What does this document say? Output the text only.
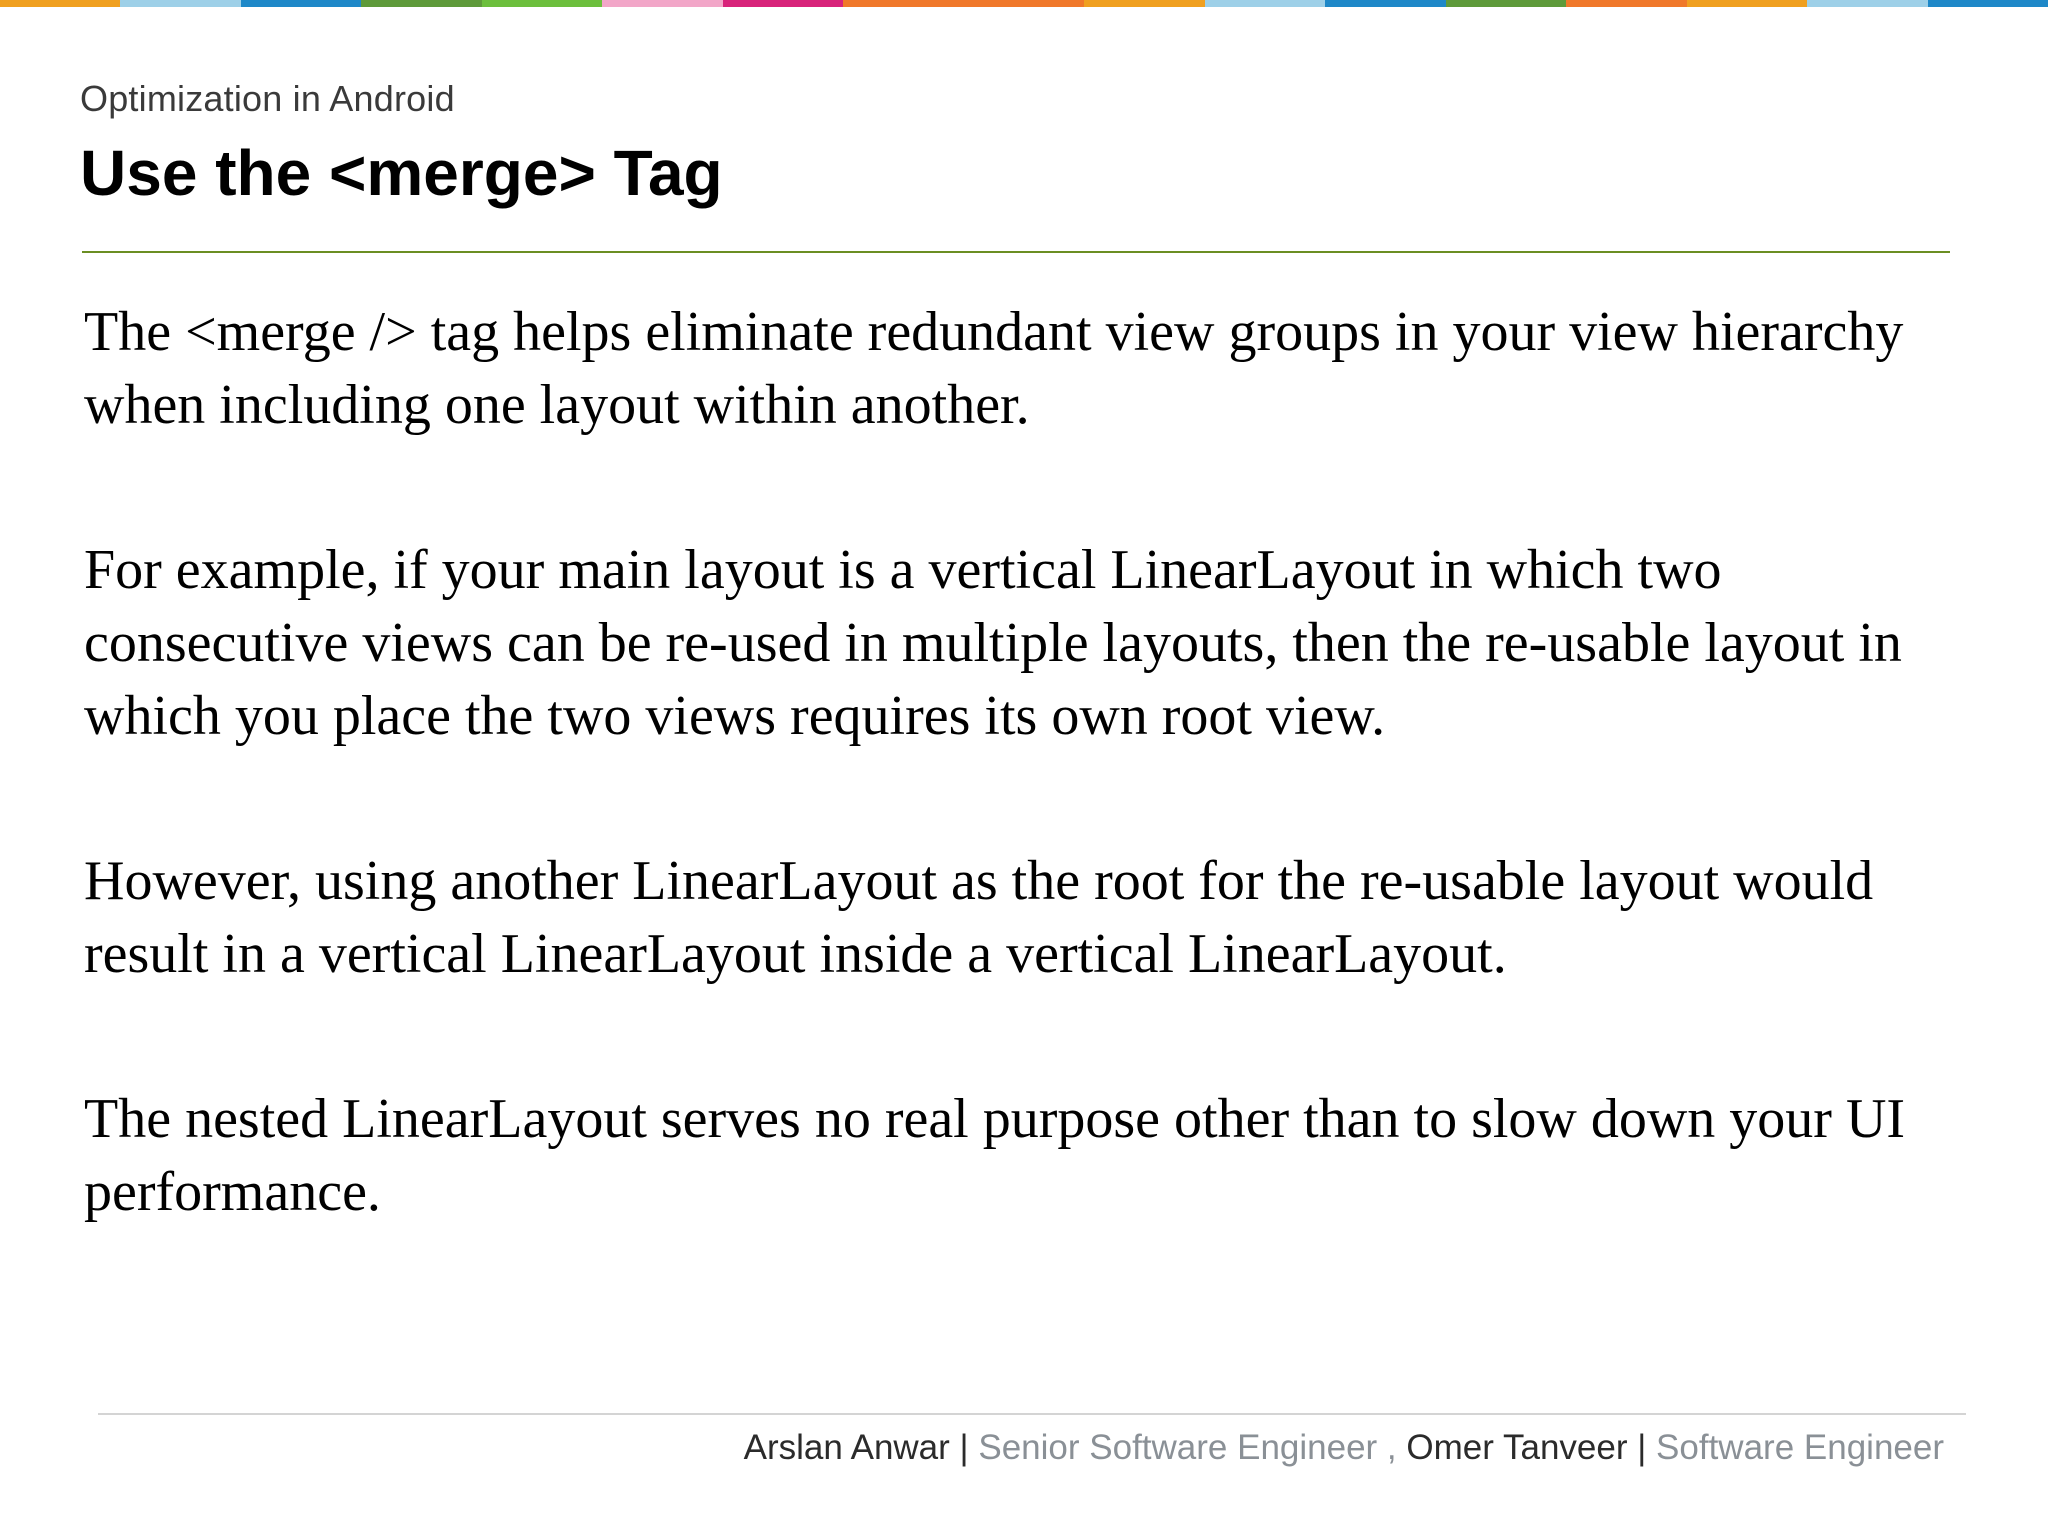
Optimization in Android
Use the <merge> Tag

The <merge /> tag helps eliminate redundant view groups in your view hierarchy when including one layout within another.

For example, if your main layout is a vertical LinearLayout in which two consecutive views can be re-used in multiple layouts, then the re-usable layout in which you place the two views requires its own root view.

However, using another LinearLayout as the root for the re-usable layout would result in a vertical LinearLayout inside a vertical LinearLayout.

The nested LinearLayout serves no real purpose other than to slow down your UI performance.

Arslan Anwar | Senior Software Engineer , Omer Tanveer | Software Engineer
